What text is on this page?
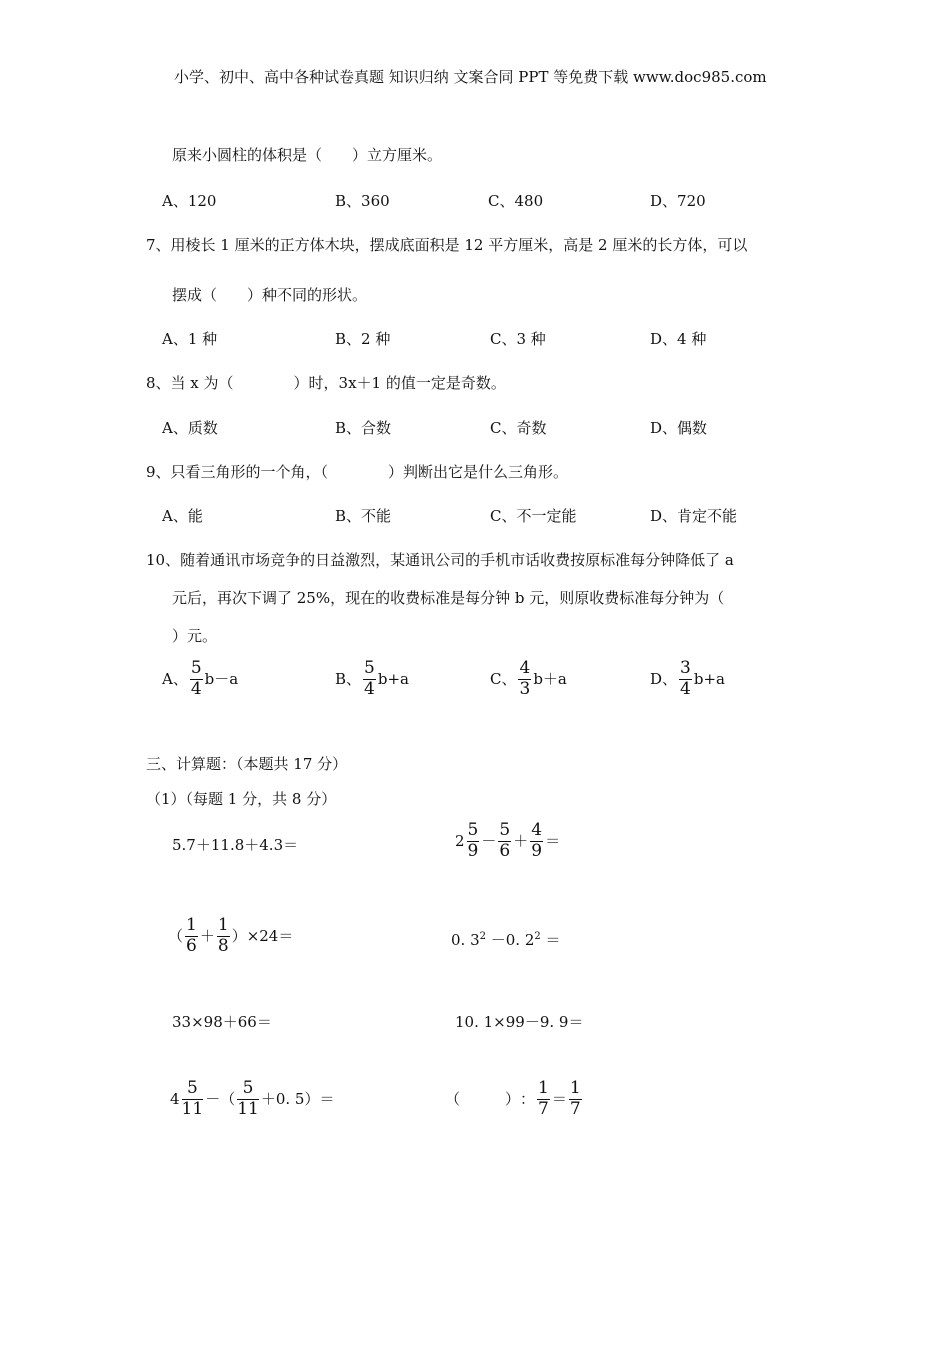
小学、初中、高中各种试卷真题 知识归纳 文案合同 PPT 等免费下载 www.doc985.com
原来小圆柱的体积是（　　）立方厘米。
A、120	B、360	C、480	D、720
7、用棱长 1 厘米的正方体木块，摆成底面积是 12 平方厘米，高是 2 厘米的长方体，可以
摆成（　　）种不同的形状。
A、1 种	B、2 种	C、3 种	D、4 种
8、当 x 为（　　　　）时，3x＋1 的值一定是奇数。
A、质数	B、合数	C、奇数	D、偶数
9、只看三角形的一个角，（　　　　）判断出它是什么三角形。
A、能	B、不能	C、不一定能	D、肯定不能
10、随着通讯市场竞争的日益激烈，某通讯公司的手机市话收费按原标准每分钟降低了 a
元后，再次下调了 25%，现在的收费标准是每分钟 b 元，则原收费标准每分钟为（
）元。
A、 $\frac{5}{4} b-a$	B、 $\frac{5}{4} b+a$	C、 $\frac{4}{3} b+a$	D、 $\frac{3}{4} b+a$
三、计算题：（本题共 17 分）
（1）（每题 1 分，共 8 分）
5.7＋11.8＋4.3＝	$2 \frac{5}{9} - \frac{5}{6} + \frac{4}{9}$ ＝
（ $\frac{1}{6} + \frac{1}{8} )\times 24=$	0. $3^2 -0$. $2^2$ ＝
33×98＋66＝	10. 1×99－9. 9＝
$4 \frac{5}{11}$ －（ $\frac{5}{11} +0$. 5）＝	（　　　） ： $\frac{1}{7} = \frac{1}{7}$
